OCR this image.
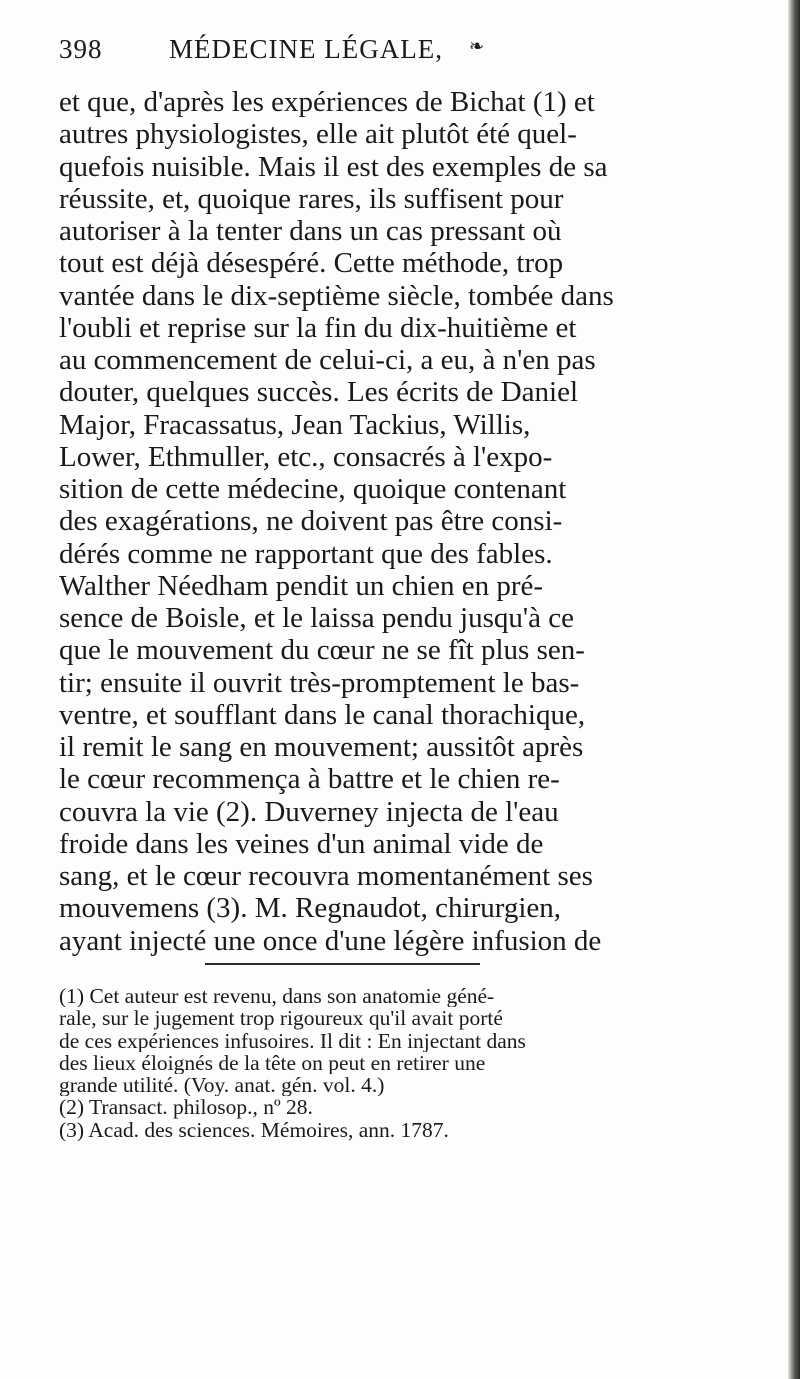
398 MÉDECINE LÉGALE, ❧
et que, d'après les expériences de Bichat (1) et
autres physiologistes, elle ait plutôt été quel-
quefois nuisible. Mais il est des exemples de sa
réussite, et, quoique rares, ils suffisent pour
autoriser à la tenter dans un cas pressant où
tout est déjà désespéré. Cette méthode, trop
vantée dans le dix-septième siècle, tombée dans
l'oubli et reprise sur la fin du dix-huitième et
au commencement de celui-ci, a eu, à n'en pas
douter, quelques succès. Les écrits de Daniel
Major, Fracassatus, Jean Tackius, Willis,
Lower, Ethmuller, etc., consacrés à l'expo-
sition de cette médecine, quoique contenant
des exagérations, ne doivent pas être consi-
dérés comme ne rapportant que des fables.
Walther Néedham pendit un chien en pré-
sence de Boisle, et le laissa pendu jusqu'à ce
que le mouvement du cœur ne se fît plus sen-
tir; ensuite il ouvrit très-promptement le bas-
ventre, et soufflant dans le canal thorachique,
il remit le sang en mouvement; aussitôt après
le cœur recommença à battre et le chien re-
couvra la vie (2). Duverney injecta de l'eau
froide dans les veines d'un animal vide de
sang, et le cœur recouvra momentanément ses
mouvemens (3). M. Regnaudot, chirurgien,
ayant injecté une once d'une légère infusion de
(1) Cet auteur est revenu, dans son anatomie géné-
rale, sur le jugement trop rigoureux qu'il avait porté
de ces expériences infusoires. Il dit : En injectant dans
des lieux éloignés de la tête on peut en retirer une
grande utilité. (Voy. anat. gén. vol. 4.)
(2) Transact. philosop., nº 28.
(3) Acad. des sciences. Mémoires, ann. 1787.
